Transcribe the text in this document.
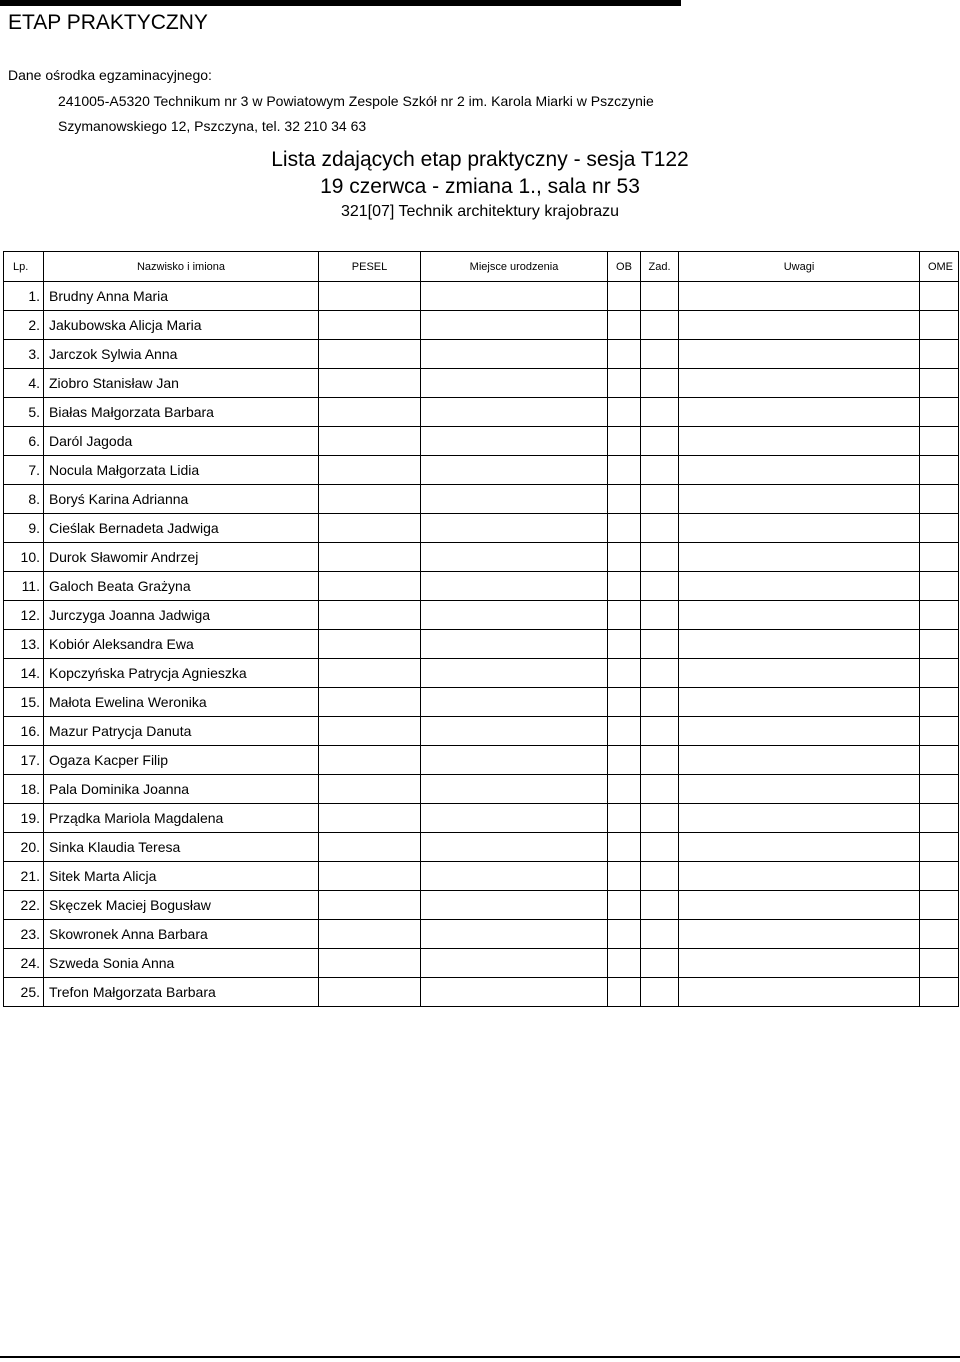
ETAP PRAKTYCZNY
Dane ośrodka egzaminacyjnego:
241005-A5320 Technikum nr 3 w Powiatowym Zespole Szkół nr 2 im. Karola Miarki w Pszczynie
Szymanowskiego 12, Pszczyna, tel. 32 210 34 63
Lista zdających etap praktyczny - sesja T122
19 czerwca - zmiana 1., sala nr 53
321[07] Technik architektury krajobrazu
Lp.	Nazwisko i imiona	PESEL	Miejsce urodzenia	OB	Zad.	Uwagi	OME
1.	Brudny Anna Maria						
2.	Jakubowska Alicja Maria						
3.	Jarczok Sylwia Anna						
4.	Ziobro Stanisław Jan						
5.	Białas Małgorzata Barbara						
6.	Daról Jagoda						
7.	Nocula Małgorzata Lidia						
8.	Boryś Karina Adrianna						
9.	Cieślak Bernadeta Jadwiga						
10.	Durok Sławomir Andrzej						
11.	Galoch Beata Grażyna						
12.	Jurczyga Joanna Jadwiga						
13.	Kobiór Aleksandra Ewa						
14.	Kopczyńska Patrycja Agnieszka						
15.	Małota Ewelina Weronika						
16.	Mazur Patrycja Danuta						
17.	Ogaza Kacper Filip						
18.	Pala Dominika Joanna						
19.	Prządka Mariola Magdalena						
20.	Sinka Klaudia Teresa						
21.	Sitek Marta Alicja						
22.	Skęczek Maciej Bogusław						
23.	Skowronek Anna Barbara						
24.	Szweda Sonia Anna						
25.	Trefon Małgorzata Barbara						
